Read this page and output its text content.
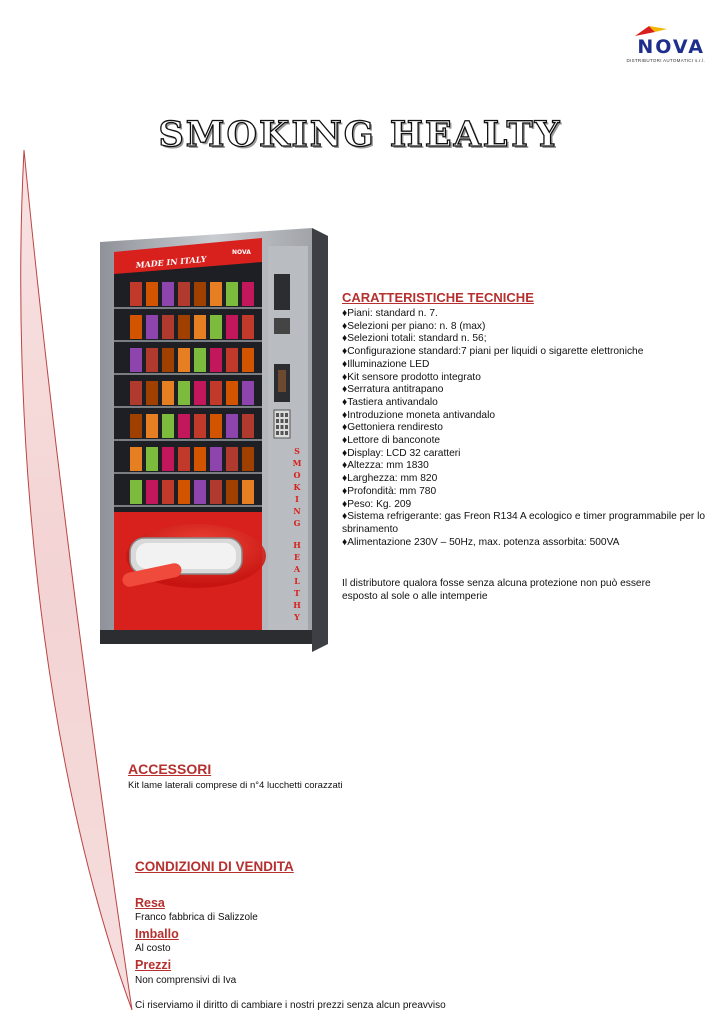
NOVA
DISTRIBUTORI AUTOMATICI s.r.l.
SMOKING HEALTY
MADE IN ITALY
NOVA
S
M
O
K
I
N
G
H
E
A
L
T
H
Y
CARATTERISTICHE TECNICHE
♦ Piani: standard n. 7.
♦ Selezioni per piano: n. 8 (max)
♦ Selezioni totali: standard n. 56;
♦ Configurazione standard:7 piani per liquidi o sigarette elettroniche
♦ Illuminazione LED
♦ Kit sensore prodotto integrato
♦ Serratura antitrapano
♦ Tastiera antivandalo
♦ Introduzione moneta antivandalo
♦ Gettoniera rendiresto
♦ Lettore di banconote
♦ Display: LCD 32 caratteri
♦ Altezza: mm 1830
♦ Larghezza: mm 820
♦ Profondità: mm 780
♦ Peso: Kg. 209
♦ Sistema refrigerante: gas Freon R134 A ecologico e timer programmabile per lo sbrinamento
♦ Alimentazione 230V – 50Hz, max. potenza assorbita: 500VA
Il distributore qualora fosse senza alcuna protezione non può essere esposto al sole o alle intemperie
ACCESSORI
Kit lame laterali comprese di n°4 lucchetti corazzati
CONDIZIONI DI VENDITA
Resa
Franco fabbrica di Salizzole
Imballo
Al costo
Prezzi
Non comprensivi di Iva
Ci riserviamo il diritto di cambiare i nostri prezzi senza alcun preavviso
